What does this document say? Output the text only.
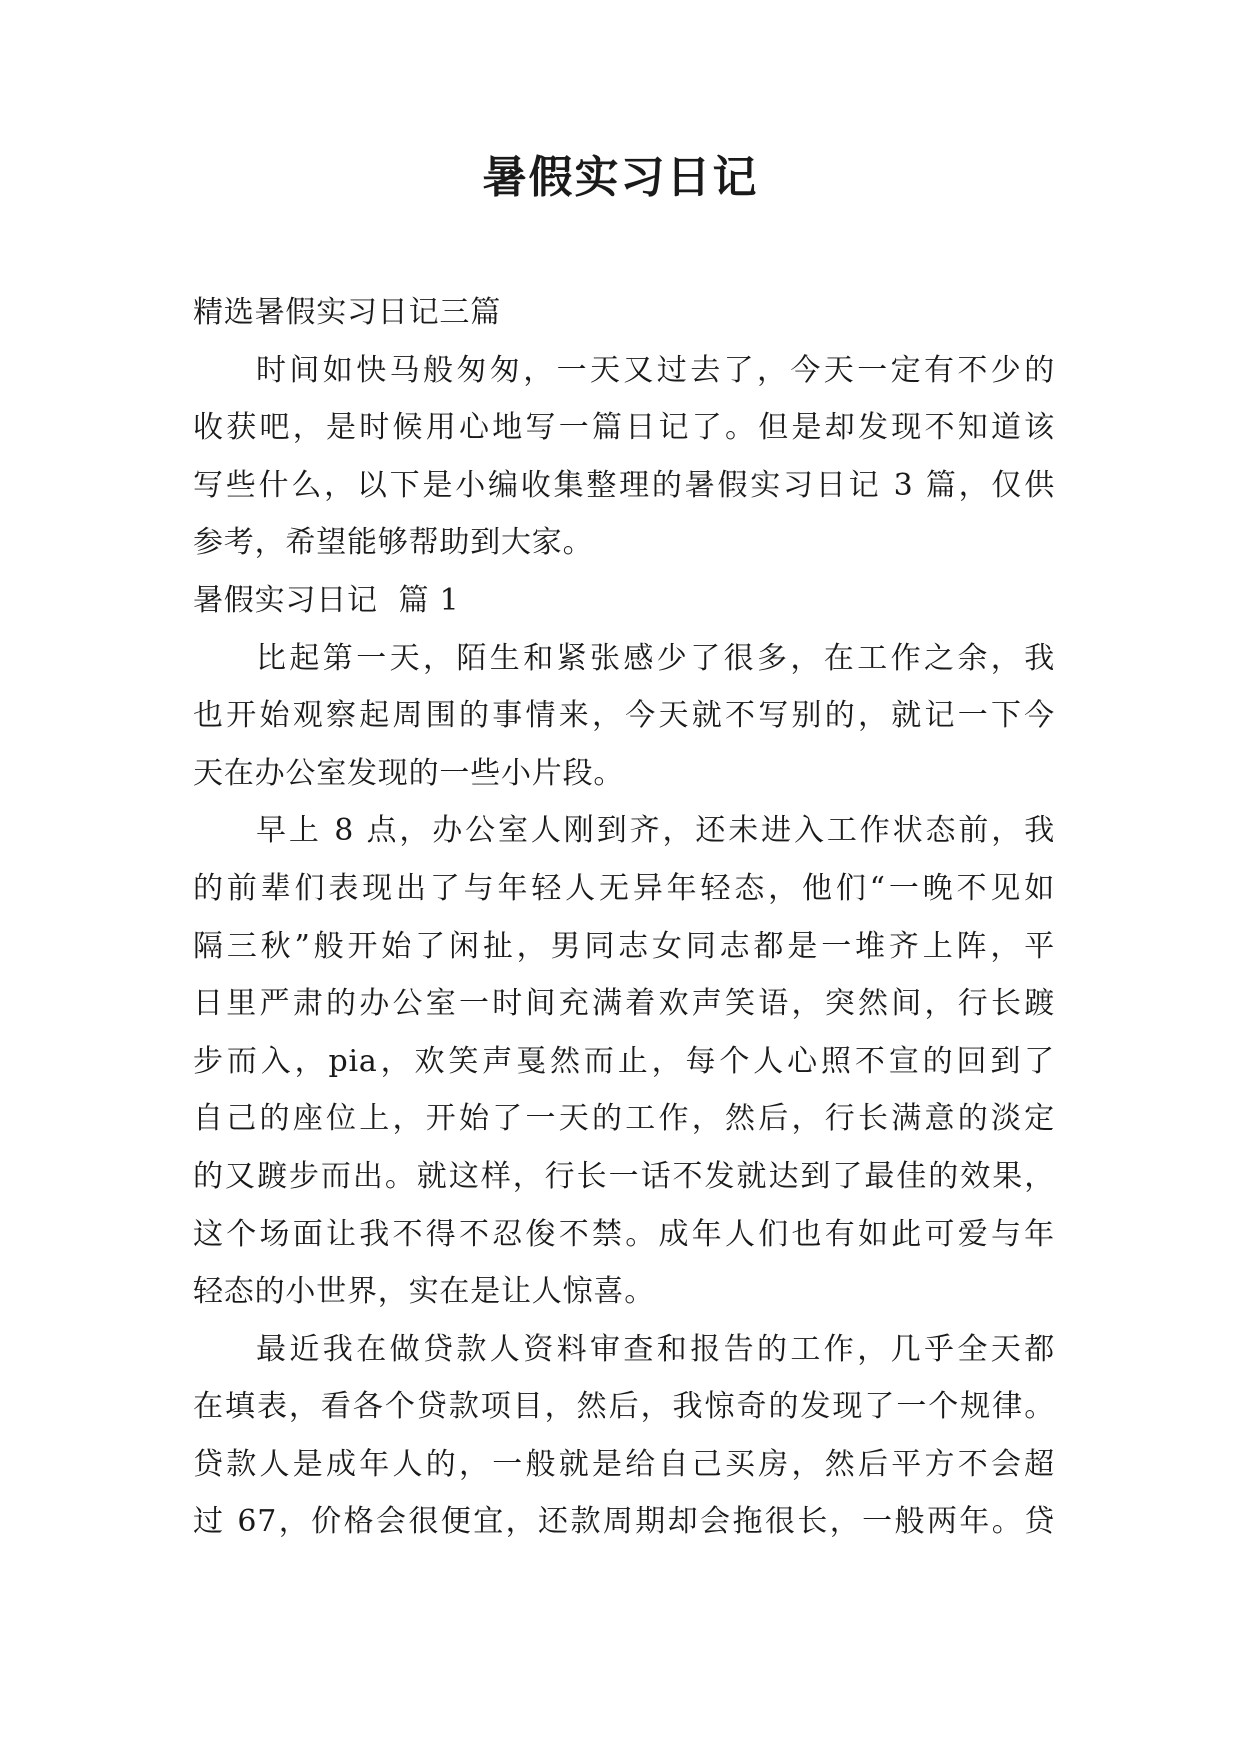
暑假实习日记
精选暑假实习日记三篇
时间如快马般匆匆，一天又过去了，今天一定有不少的
收获吧，是时候用心地写一篇日记了。但是却发现不知道该
写些什么，以下是小编收集整理的暑假实习日记 3 篇，仅供
参考，希望能够帮助到大家。
暑假实习日记  篇 1
比起第一天，陌生和紧张感少了很多，在工作之余，我
也开始观察起周围的事情来，今天就不写别的，就记一下今
天在办公室发现的一些小片段。
早上 8 点，办公室人刚到齐，还未进入工作状态前，我
的前辈们表现出了与年轻人无异年轻态，他们“一晚不见如
隔三秋”般开始了闲扯，男同志女同志都是一堆齐上阵，平
日里严肃的办公室一时间充满着欢声笑语，突然间，行长踱
步而入，pia，欢笑声戛然而止，每个人心照不宣的回到了
自己的座位上，开始了一天的工作，然后，行长满意的淡定
的又踱步而出。就这样，行长一话不发就达到了最佳的效果，
这个场面让我不得不忍俊不禁。成年人们也有如此可爱与年
轻态的小世界，实在是让人惊喜。
最近我在做贷款人资料审查和报告的工作，几乎全天都
在填表，看各个贷款项目，然后，我惊奇的发现了一个规律。
贷款人是成年人的，一般就是给自己买房，然后平方不会超
过 67，价格会很便宜，还款周期却会拖很长，一般两年。贷
